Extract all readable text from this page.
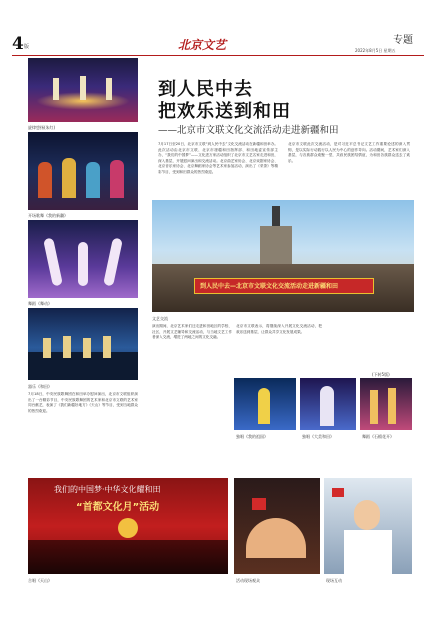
4 版	北京文艺	专题
2022年8月5日 星期五
旋律悠扬(朱红)
开场歌舞《我的新疆》
舞蹈《舞动》
器乐《和田》
7月18日，中央民族歌舞团在和田举办慰问演出，北京市文联组织演出了一台精彩节目，中央民族歌舞团的艺术家和北京市文联的艺术家同台献艺，表演了《我们新疆好地方》《天山》等节目，受到当地群众的热烈欢迎。
到人民中去
把欢乐送到和田
——北京市文联文化交流活动走进新疆和田
7月17日至20日，北京市文联“到人民中去”文化交流活动在新疆和田举办。此次活动由北京市文联、北京市援疆和田指挥部、和田地委宣传部主办，“我们的中国梦”——文化进万家活动组织了北京市文艺名家走进和田，深入基层，开展慰问演出和交流活动。北京曲艺家协会、北京戏剧家协会、北京音乐家协会、北京舞蹈家协会等艺术家参加活动，演出了《采茶》等精彩节目，受到和田群众的热烈欢迎。
北京市文联此次交流活动，是对习近平总书记文艺工作重要论述的深入贯彻，是以实际行动践行以人民为中心的创作导向。活动期间，艺术家们深入基层，与各族群众欢聚一堂，共叙民族团结情谊，为和田各族群众送去了欢乐。
到人民中去—北京市文联文化交流活动走进新疆和田
文艺交流
演出期间，北京艺术家们还走进和田地区的学校、社区，开展文艺辅导和交流活动，与当地文艺工作者深入交流，增进了两地之间的文化交融。
北京市文联表示，将继续深入开展文化交流活动，把欢乐送到基层，让群众共享文化发展成果。
(下转5版)
独唱《我的祖国》	独唱《大美和田》	舞蹈《石榴花开》
我们的中国梦·中华文化耀和田
“首都文化月”活动
合唱《天山》	活动现场观众	现场互动
